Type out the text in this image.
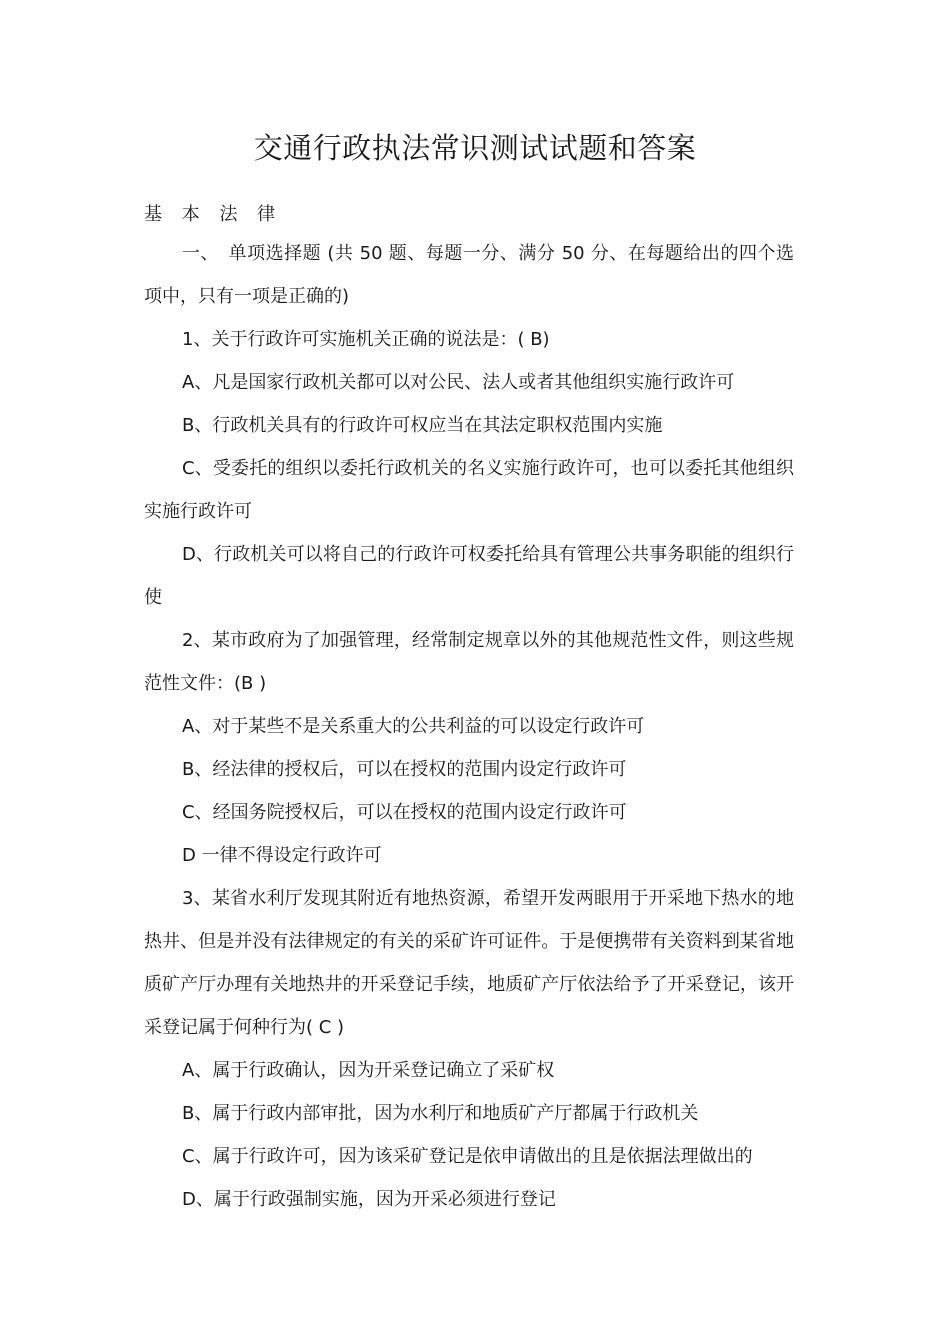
交通行政执法常识测试试题和答案
基 本 法 律

一、　单项选择题 (共 50 题、每题一分、满分 50 分、在每题给出的四个选项中，只有一项是正确的)

1、关于行政许可实施机关正确的说法是：( B)

A、凡是国家行政机关都可以对公民、法人或者其他组织实施行政许可

B、行政机关具有的行政许可权应当在其法定职权范围内实施

C、受委托的组织以委托行政机关的名义实施行政许可，也可以委托其他组织实施行政许可

D、行政机关可以将自己的行政许可权委托给具有管理公共事务职能的组织行使

2、某市政府为了加强管理，经常制定规章以外的其他规范性文件，则这些规范性文件：(B )

A、对于某些不是关系重大的公共利益的可以设定行政许可

B、经法律的授权后，可以在授权的范围内设定行政许可

C、经国务院授权后，可以在授权的范围内设定行政许可

D 一律不得设定行政许可

3、某省水利厅发现其附近有地热资源，希望开发两眼用于开采地下热水的地热井、但是并没有法律规定的有关的采矿许可证件。于是便携带有关资料到某省地质矿产厅办理有关地热井的开采登记手续，地质矿产厅依法给予了开采登记，该开采登记属于何种行为( C )

A、属于行政确认，因为开采登记确立了采矿权

B、属于行政内部审批，因为水利厅和地质矿产厅都属于行政机关

C、属于行政许可，因为该采矿登记是依申请做出的且是依据法理做出的

D、属于行政强制实施，因为开采必须进行登记
